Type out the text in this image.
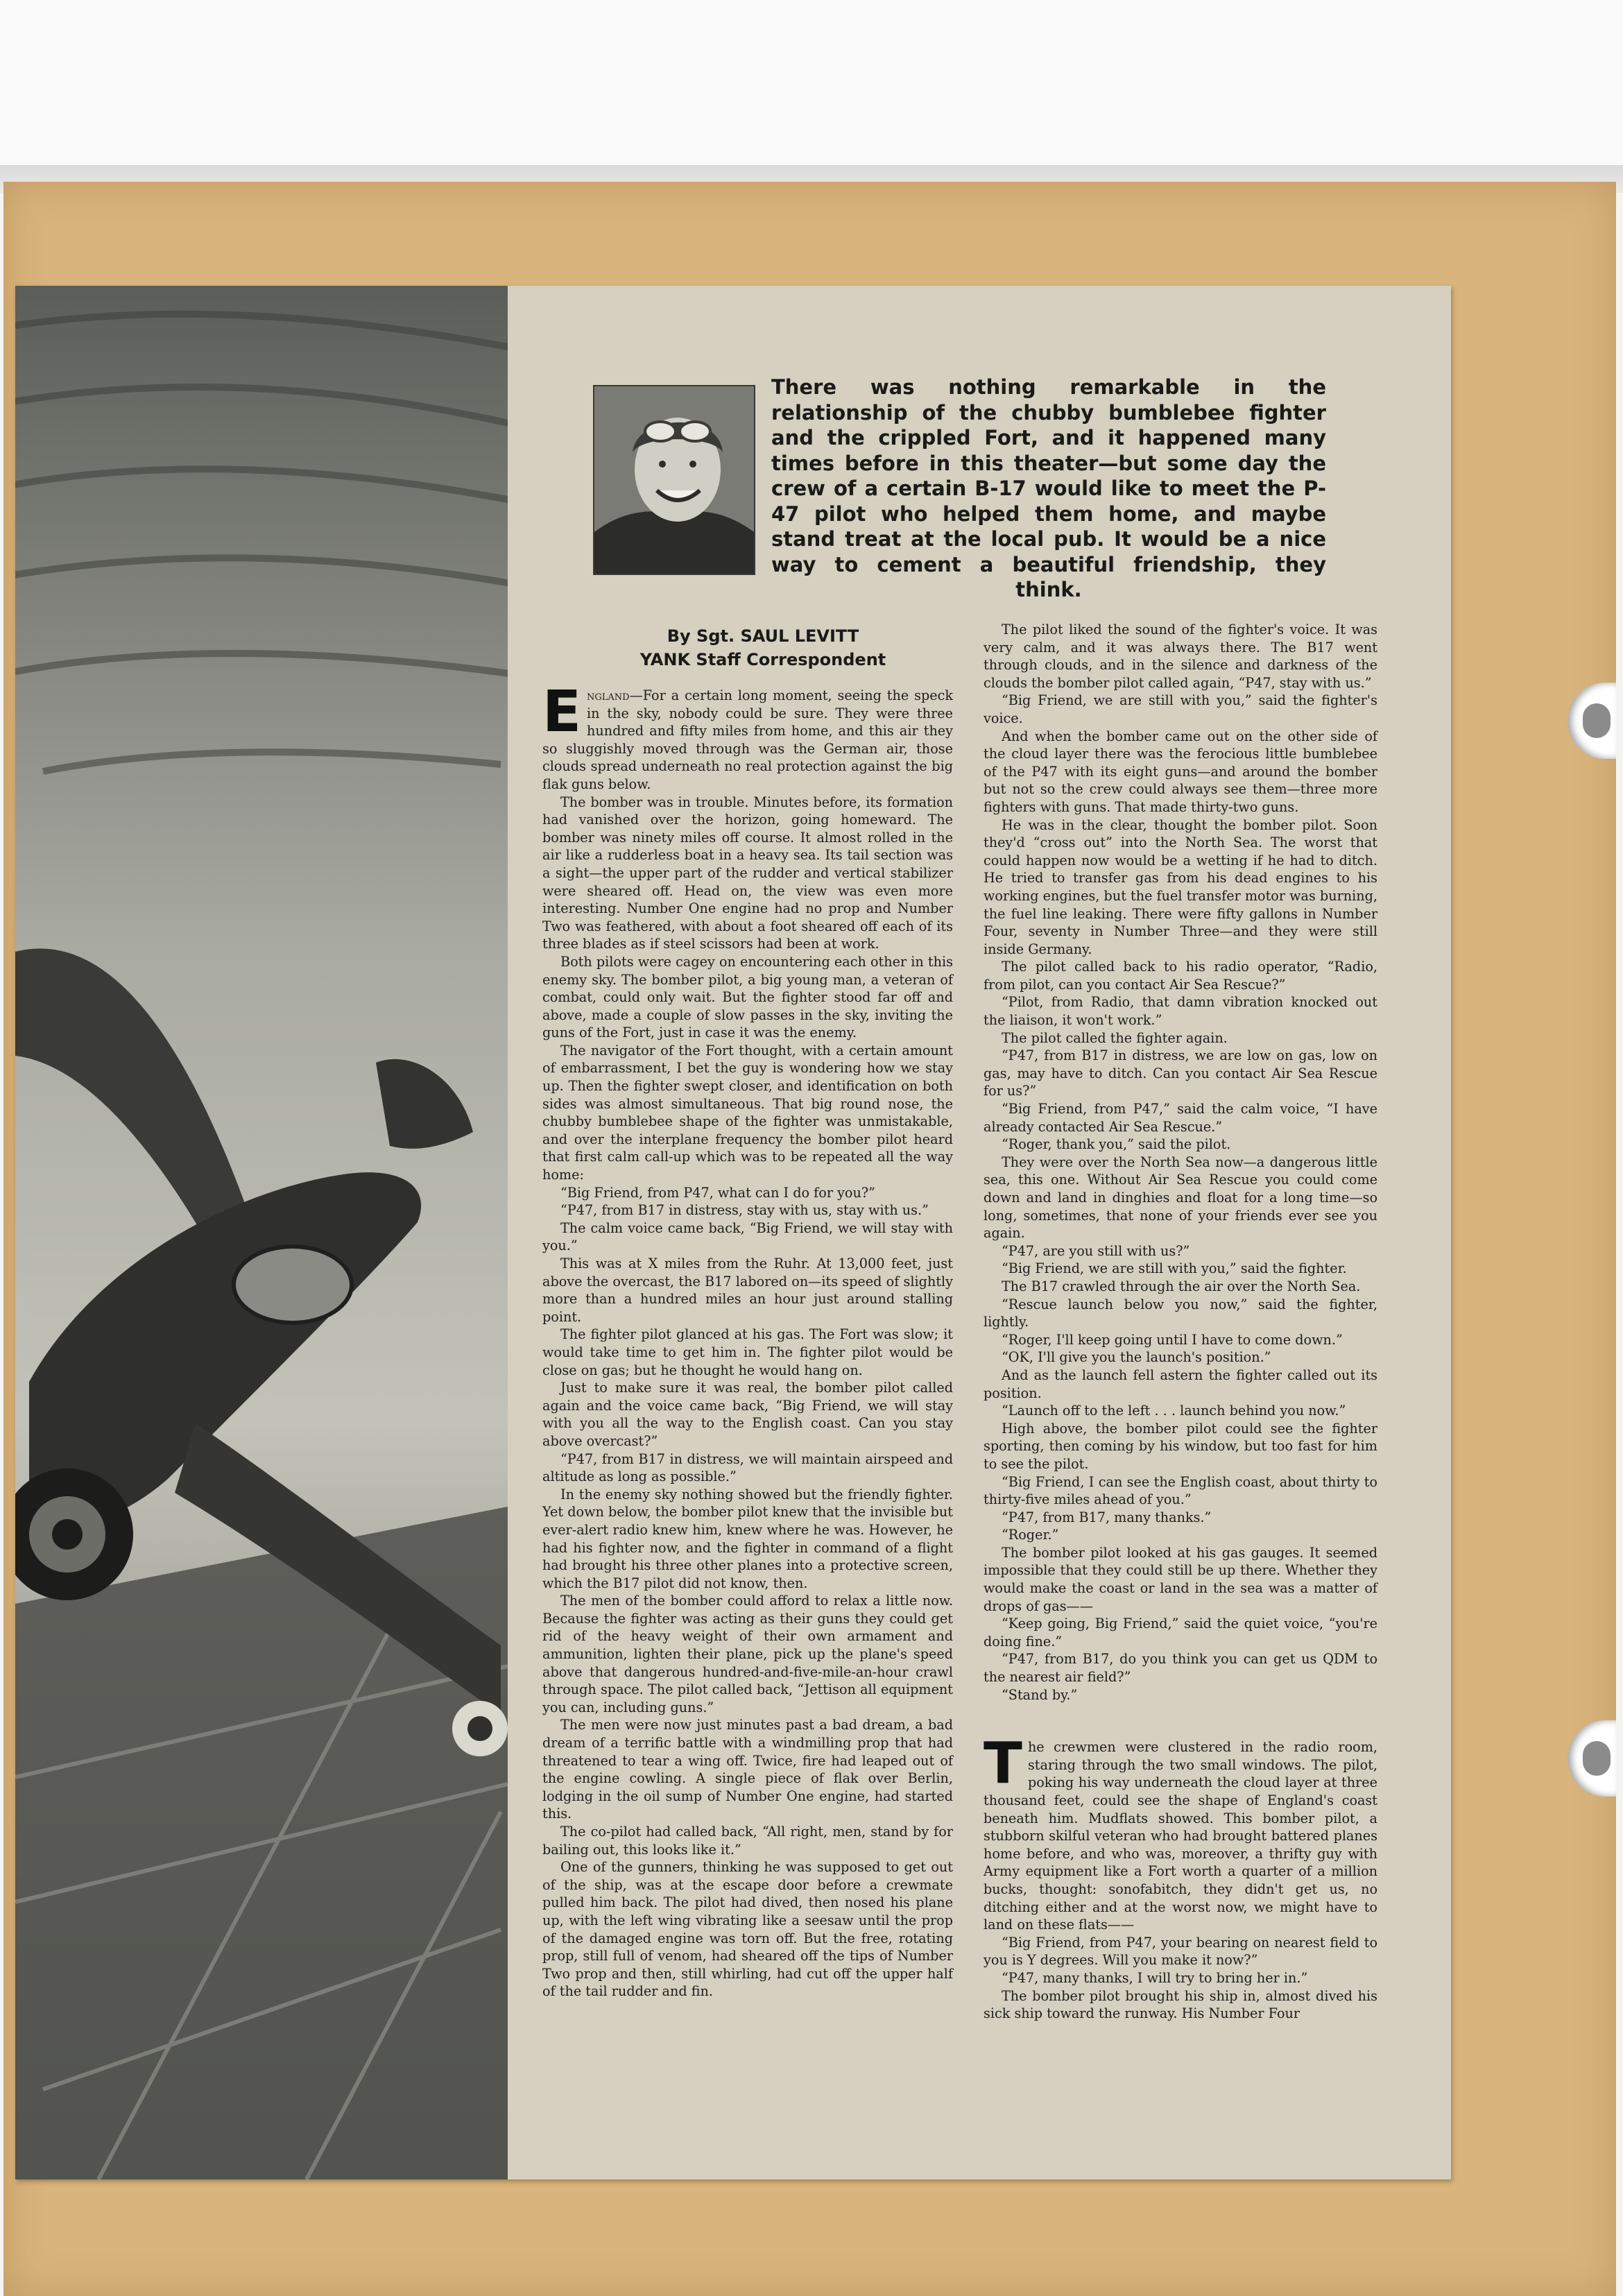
There was nothing remarkable in the relationship of the chubby bumblebee fighter and the crippled Fort, and it happened many times before in this theater—but some day the crew of a certain B-17 would like to meet the P-47 pilot who helped them home, and maybe stand treat at the local pub. It would be a nice way to cement a beautiful friendship, they think.
By Sgt. SAUL LEVITT
YANK Staff Correspondent

England—For a certain long moment, seeing the speck in the sky, nobody could be sure. They were three hundred and fifty miles from home, and this air they so sluggishly moved through was the German air, those clouds spread underneath no real protection against the big flak guns below.

The bomber was in trouble. Minutes before, its formation had vanished over the horizon, going homeward. The bomber was ninety miles off course. It almost rolled in the air like a rudderless boat in a heavy sea. Its tail section was a sight—the upper part of the rudder and vertical stabilizer were sheared off. Head on, the view was even more interesting. Number One engine had no prop and Number Two was feathered, with about a foot sheared off each of its three blades as if steel scissors had been at work.

Both pilots were cagey on encountering each other in this enemy sky. The bomber pilot, a big young man, a veteran of combat, could only wait. But the fighter stood far off and above, made a couple of slow passes in the sky, inviting the guns of the Fort, just in case it was the enemy.

The navigator of the Fort thought, with a certain amount of embarrassment, I bet the guy is wondering how we stay up. Then the fighter swept closer, and identification on both sides was almost simultaneous. That big round nose, the chubby bumblebee shape of the fighter was unmistakable, and over the interplane frequency the bomber pilot heard that first calm call-up which was to be repeated all the way home:

“Big Friend, from P47, what can I do for you?”

“P47, from B17 in distress, stay with us, stay with us.”

The calm voice came back, “Big Friend, we will stay with you.”

This was at X miles from the Ruhr. At 13,000 feet, just above the overcast, the B17 labored on—its speed of slightly more than a hundred miles an hour just around stalling point.

The fighter pilot glanced at his gas. The Fort was slow; it would take time to get him in. The fighter pilot would be close on gas; but he thought he would hang on.

Just to make sure it was real, the bomber pilot called again and the voice came back, “Big Friend, we will stay with you all the way to the English coast. Can you stay above overcast?”

“P47, from B17 in distress, we will maintain airspeed and altitude as long as possible.”

In the enemy sky nothing showed but the friendly fighter. Yet down below, the bomber pilot knew that the invisible but ever-alert radio knew him, knew where he was. However, he had his fighter now, and the fighter in command of a flight had brought his three other planes into a protective screen, which the B17 pilot did not know, then.

The men of the bomber could afford to relax a little now. Because the fighter was acting as their guns they could get rid of the heavy weight of their own armament and ammunition, lighten their plane, pick up the plane's speed above that dangerous hundred-and-five-mile-an-hour crawl through space. The pilot called back, “Jettison all equipment you can, including guns.”

The men were now just minutes past a bad dream, a bad dream of a terrific battle with a windmilling prop that had threatened to tear a wing off. Twice, fire had leaped out of the engine cowling. A single piece of flak over Berlin, lodging in the oil sump of Number One engine, had started this.

The co-pilot had called back, “All right, men, stand by for bailing out, this looks like it.”

One of the gunners, thinking he was supposed to get out of the ship, was at the escape door before a crewmate pulled him back. The pilot had dived, then nosed his plane up, with the left wing vibrating like a seesaw until the prop of the damaged engine was torn off. But the free, rotating prop, still full of venom, had sheared off the tips of Number Two prop and then, still whirling, had cut off the upper half of the tail rudder and fin.

The pilot liked the sound of the fighter's voice. It was very calm, and it was always there. The B17 went through clouds, and in the silence and darkness of the clouds the bomber pilot called again, “P47, stay with us.”

“Big Friend, we are still with you,” said the fighter's voice.

And when the bomber came out on the other side of the cloud layer there was the ferocious little bumblebee of the P47 with its eight guns—and around the bomber but not so the crew could always see them—three more fighters with guns. That made thirty-two guns.

He was in the clear, thought the bomber pilot. Soon they'd “cross out” into the North Sea. The worst that could happen now would be a wetting if he had to ditch. He tried to transfer gas from his dead engines to his working engines, but the fuel transfer motor was burning, the fuel line leaking. There were fifty gallons in Number Four, seventy in Number Three—and they were still inside Germany.

The pilot called back to his radio operator, “Radio, from pilot, can you contact Air Sea Rescue?”

“Pilot, from Radio, that damn vibration knocked out the liaison, it won't work.”

The pilot called the fighter again.

“P47, from B17 in distress, we are low on gas, low on gas, may have to ditch. Can you contact Air Sea Rescue for us?”

“Big Friend, from P47,” said the calm voice, “I have already contacted Air Sea Rescue.”

“Roger, thank you,” said the pilot.

They were over the North Sea now—a dangerous little sea, this one. Without Air Sea Rescue you could come down and land in dinghies and float for a long time—so long, sometimes, that none of your friends ever see you again.

“P47, are you still with us?”

“Big Friend, we are still with you,” said the fighter.

The B17 crawled through the air over the North Sea.

“Rescue launch below you now,” said the fighter, lightly.

“Roger, I'll keep going until I have to come down.”

“OK, I'll give you the launch's position.”

And as the launch fell astern the fighter called out its position.

“Launch off to the left . . . launch behind you now.”

High above, the bomber pilot could see the fighter sporting, then coming by his window, but too fast for him to see the pilot.

“Big Friend, I can see the English coast, about thirty to thirty-five miles ahead of you.”

“P47, from B17, many thanks.”

“Roger.”

The bomber pilot looked at his gas gauges. It seemed impossible that they could still be up there. Whether they would make the coast or land in the sea was a matter of drops of gas——

“Keep going, Big Friend,” said the quiet voice, “you're doing fine.”

“P47, from B17, do you think you can get us QDM to the nearest air field?”

“Stand by.”

The crewmen were clustered in the radio room, staring through the two small windows. The pilot, poking his way underneath the cloud layer at three thousand feet, could see the shape of England's coast beneath him. Mudflats showed. This bomber pilot, a stubborn skilful veteran who had brought battered planes home before, and who was, moreover, a thrifty guy with Army equipment like a Fort worth a quarter of a million bucks, thought: sonofabitch, they didn't get us, no ditching either and at the worst now, we might have to land on these flats——

“Big Friend, from P47, your bearing on nearest field to you is Y degrees. Will you make it now?”

“P47, many thanks, I will try to bring her in.”

The bomber pilot brought his ship in, almost dived his sick ship toward the runway. His Number Four
